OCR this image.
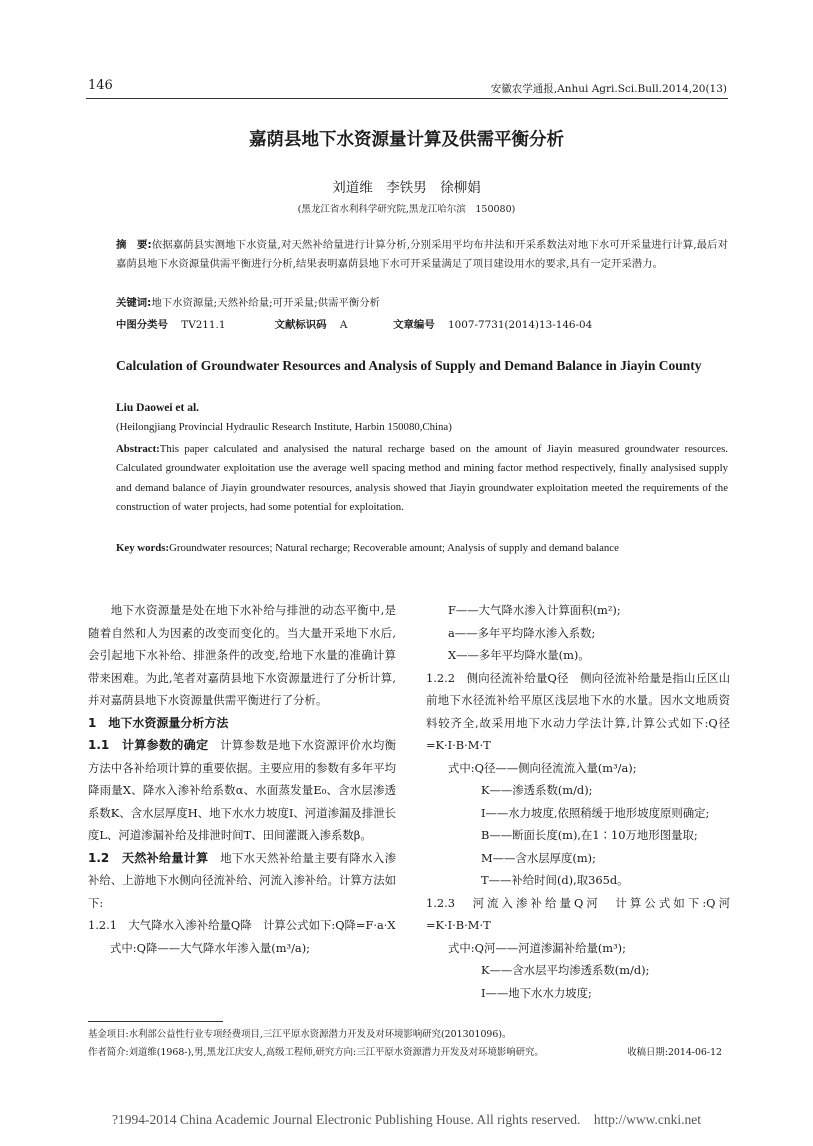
146	安徽农学通报,Anhui Agri.Sci.Bull.2014,20(13)
嘉荫县地下水资源量计算及供需平衡分析
刘道维　李铁男　徐柳娟
(黑龙江省水利科学研究院,黑龙江哈尔滨　150080)
摘　要:依据嘉荫县实测地下水资量,对天然补给量进行计算分析,分别采用平均布井法和开采系数法对地下水可开采量进行计算,最后对嘉荫县地下水资源量供需平衡进行分析,结果表明嘉荫县地下水可开采量满足了项目建设用水的要求,具有一定开采潜力。
关键词:地下水资源量;天然补给量;可开采量;供需平衡分析
中图分类号 TV211.1	文献标识码 A	文章编号 1007-7731(2014)13-146-04
Calculation of Groundwater Resources and Analysis of Supply and Demand Balance in Jiayin County
Liu Daowei et al.
(Heilongjiang Provincial Hydraulic Research Institute, Harbin 150080,China)
Abstract:This paper calculated and analysised the natural recharge based on the amount of Jiayin measured groundwater resources. Calculated groundwater exploitation use the average well spacing method and mining factor method respectively, finally analysised supply and demand balance of Jiayin groundwater resources, analysis showed that Jiayin groundwater exploitation meeted the requirements of the construction of water projects, had some potential for exploitation.
Key words:Groundwater resources; Natural recharge; Recoverable amount; Analysis of supply and demand balance

地下水资源量是处在地下水补给与排泄的动态平衡中,是随着自然和人为因素的改变而变化的。当大量开采地下水后,会引起地下水补给、排泄条件的改变,给地下水量的准确计算带来困难。为此,笔者对嘉荫县地下水资源量进行了分析计算,并对嘉荫县地下水资源量供需平衡进行了分析。

1　地下水资源量分析方法

1.1　计算参数的确定　 计算参数是地下水资源评价水均衡方法中各补给项计算的重要依据。主要应用的参数有多年平均降雨量X、降水入渗补给系数α、水面蒸发量E₀、含水层渗透系数K、含水层厚度H、地下水水力坡度I、河道渗漏及排泄长度L、河道渗漏补给及排泄时间T、田间灌溉入渗系数β。

1.2　天然补给量计算　 地下水天然补给量主要有降水入渗补给、上游地下水侧向径流补给、河流入渗补给。计算方法如下:

1.2.1　大气降水入渗补给量Q降　计算公式如下:Q降=F·a·X

式中:Q降——大气降水年渗入量(m³/a);

F——大气降水渗入计算面积(m²);

a——多年平均降水渗入系数;

X——多年平均降水量(m)。

1.2.2　侧向径流补给量Q径　侧向径流补给量是指山丘区山前地下水径流补给平原区浅层地下水的水量。因水文地质资料较齐全,故采用地下水动力学法计算,计算公式如下:Q径=K·I·B·M·T

式中:Q径——侧向径流流入量(m³/a);

K——渗透系数(m/d);

I——水力坡度,依照稍缓于地形坡度原则确定;

B——断面长度(m),在1∶10万地形图量取;

M——含水层厚度(m);

T——补给时间(d),取365d。

1.2.3　河流入渗补给量Q河　计算公式如下:Q河=K·I·B·M·T

式中:Q河——河道渗漏补给量(m³);

K——含水层平均渗透系数(m/d);

I——地下水水力坡度;

基金项目:水利部公益性行业专项经费项目,三江平原水资源潜力开发及对环境影响研究(201301096)。
作者简介:刘道维(1968-),男,黑龙江庆安人,高级工程师,研究方向:三江平原水资源潜力开发及对环境影响研究。	收稿日期:2014-06-12
?1994-2014 China Academic Journal Electronic Publishing House. All rights reserved.　http://www.cnki.net
